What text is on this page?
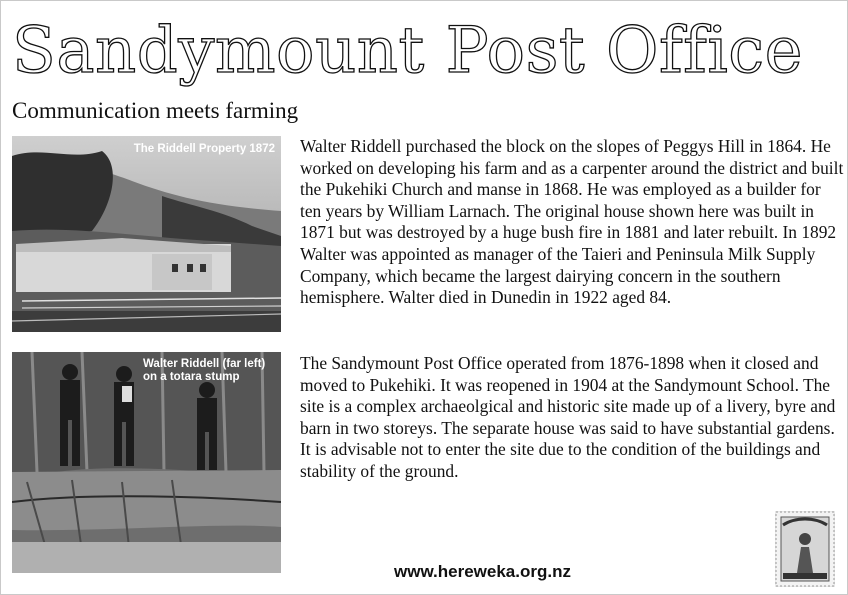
Sandymount Post Office
Communication meets farming
The Riddell Property 1872
Walter Riddell (far left) on a totara stump
Walter Riddell purchased the block on the slopes of Peggys Hill in 1864. He worked on developing his farm and as a carpenter around the district and built the Pukehiki Church and manse in 1868. He was employed as a builder for ten years by William Larnach. The original house shown here was built in 1871 but was destroyed by a huge bush fire in 1881 and later rebuilt. In 1892 Walter was appointed as manager of the Taieri and Peninsula Milk Supply Company, which became the largest dairying concern in the southern hemisphere. Walter died in Dunedin in 1922 aged 84.
The Sandymount Post Office operated from 1876-1898 when it closed and moved to Pukehiki. It was reopened in 1904 at the Sandymount School. The site is a complex archaeolgical and historic site made up of a livery, byre and barn in two storeys. The separate house was said to have substantial gardens. It is advisable not to enter the site due to the condition of the buildings and stability of the ground.
www.hereweka.org.nz
